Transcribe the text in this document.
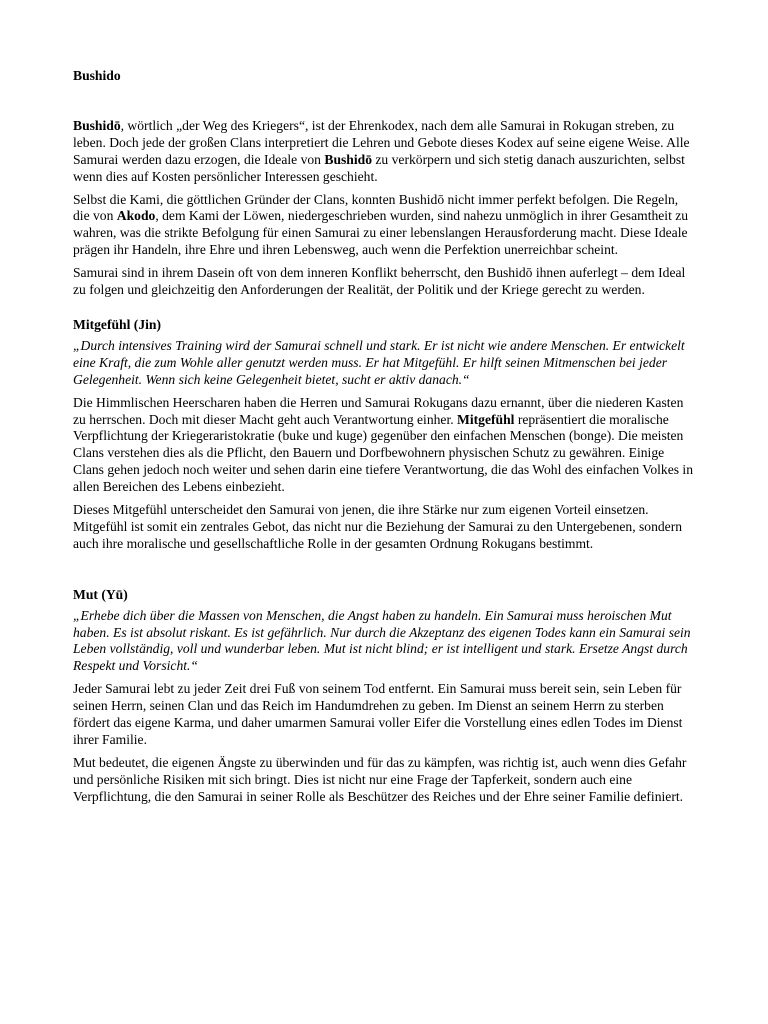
Bushido

Bushidō, wörtlich „der Weg des Kriegers“, ist der Ehrenkodex, nach dem alle Samurai in Rokugan streben, zu leben. Doch jede der großen Clans interpretiert die Lehren und Gebote dieses Kodex auf seine eigene Weise. Alle Samurai werden dazu erzogen, die Ideale von Bushidō zu verkörpern und sich stetig danach auszurichten, selbst wenn dies auf Kosten persönlicher Interessen geschieht.

Selbst die Kami, die göttlichen Gründer der Clans, konnten Bushidō nicht immer perfekt befolgen. Die Regeln, die von Akodo, dem Kami der Löwen, niedergeschrieben wurden, sind nahezu unmöglich in ihrer Gesamtheit zu wahren, was die strikte Befolgung für einen Samurai zu einer lebenslangen Herausforderung macht. Diese Ideale prägen ihr Handeln, ihre Ehre und ihren Lebensweg, auch wenn die Perfektion unerreichbar scheint.

Samurai sind in ihrem Dasein oft von dem inneren Konflikt beherrscht, den Bushidō ihnen auferlegt – dem Ideal zu folgen und gleichzeitig den Anforderungen der Realität, der Politik und der Kriege gerecht zu werden.

Mitgefühl (Jin)

„Durch intensives Training wird der Samurai schnell und stark. Er ist nicht wie andere Menschen. Er entwickelt eine Kraft, die zum Wohle aller genutzt werden muss. Er hat Mitgefühl. Er hilft seinen Mitmenschen bei jeder Gelegenheit. Wenn sich keine Gelegenheit bietet, sucht er aktiv danach.“

Die Himmlischen Heerscharen haben die Herren und Samurai Rokugans dazu ernannt, über die niederen Kasten zu herrschen. Doch mit dieser Macht geht auch Verantwortung einher. Mitgefühl repräsentiert die moralische Verpflichtung der Kriegeraristokratie (buke und kuge) gegenüber den einfachen Menschen (bonge). Die meisten Clans verstehen dies als die Pflicht, den Bauern und Dorfbewohnern physischen Schutz zu gewähren. Einige Clans gehen jedoch noch weiter und sehen darin eine tiefere Verantwortung, die das Wohl des einfachen Volkes in allen Bereichen des Lebens einbezieht.

Dieses Mitgefühl unterscheidet den Samurai von jenen, die ihre Stärke nur zum eigenen Vorteil einsetzen. Mitgefühl ist somit ein zentrales Gebot, das nicht nur die Beziehung der Samurai zu den Untergebenen, sondern auch ihre moralische und gesellschaftliche Rolle in der gesamten Ordnung Rokugans bestimmt.

Mut (Yū)

„Erhebe dich über die Massen von Menschen, die Angst haben zu handeln. Ein Samurai muss heroischen Mut haben. Es ist absolut riskant. Es ist gefährlich. Nur durch die Akzeptanz des eigenen Todes kann ein Samurai sein Leben vollständig, voll und wunderbar leben. Mut ist nicht blind; er ist intelligent und stark. Ersetze Angst durch Respekt und Vorsicht.“

Jeder Samurai lebt zu jeder Zeit drei Fuß von seinem Tod entfernt. Ein Samurai muss bereit sein, sein Leben für seinen Herrn, seinen Clan und das Reich im Handumdrehen zu geben. Im Dienst an seinem Herrn zu sterben fördert das eigene Karma, und daher umarmen Samurai voller Eifer die Vorstellung eines edlen Todes im Dienst ihrer Familie.

Mut bedeutet, die eigenen Ängste zu überwinden und für das zu kämpfen, was richtig ist, auch wenn dies Gefahr und persönliche Risiken mit sich bringt. Dies ist nicht nur eine Frage der Tapferkeit, sondern auch eine Verpflichtung, die den Samurai in seiner Rolle als Beschützer des Reiches und der Ehre seiner Familie definiert.
